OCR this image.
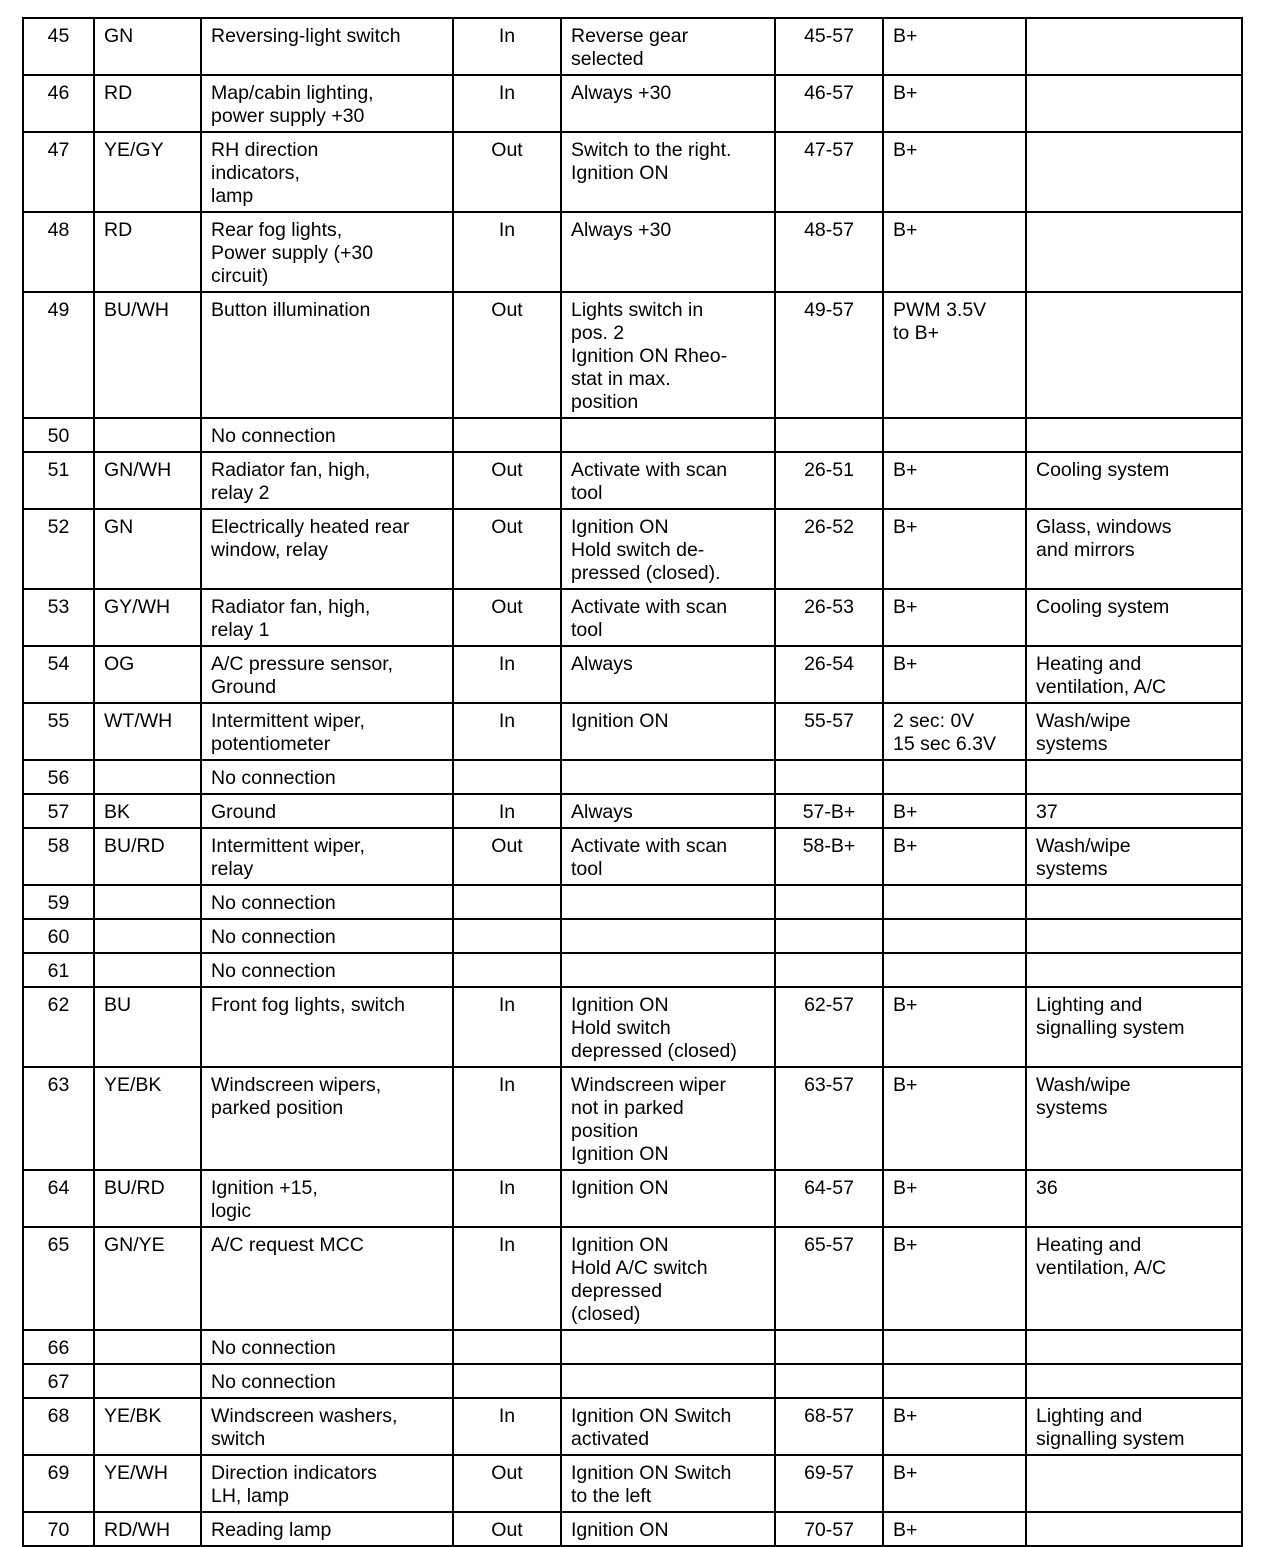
45	GN	Reversing-light switch	In	Reverse gear
selected	45-57	B+	
46	RD	Map/cabin lighting,
power supply +30	In	Always +30	46-57	B+	
47	YE/GY	RH direction
indicators,
lamp	Out	Switch to the right.
Ignition ON	47-57	B+	
48	RD	Rear fog lights,
Power supply (+30
circuit)	In	Always +30	48-57	B+	
49	BU/WH	Button illumination	Out	Lights switch in
pos. 2
Ignition ON Rheo-
stat in max.
position	49-57	PWM 3.5V
to B+	
50		No connection					
51	GN/WH	Radiator fan, high,
relay 2	Out	Activate with scan
tool	26-51	B+	Cooling system
52	GN	Electrically heated rear
window, relay	Out	Ignition ON
Hold switch de-
pressed (closed).	26-52	B+	Glass, windows
and mirrors
53	GY/WH	Radiator fan, high,
relay 1	Out	Activate with scan
tool	26-53	B+	Cooling system
54	OG	A/C pressure sensor,
Ground	In	Always	26-54	B+	Heating and
ventilation, A/C
55	WT/WH	Intermittent wiper,
potentiometer	In	Ignition ON	55-57	2 sec: 0V
15 sec 6.3V	Wash/wipe
systems
56		No connection					
57	BK	Ground	In	Always	57-B+	B+	37
58	BU/RD	Intermittent wiper,
relay	Out	Activate with scan
tool	58-B+	B+	Wash/wipe
systems
59		No connection					
60		No connection					
61		No connection					
62	BU	Front fog lights, switch	In	Ignition ON
Hold switch
depressed (closed)	62-57	B+	Lighting and
signalling system
63	YE/BK	Windscreen wipers,
parked position	In	Windscreen wiper
not in parked
position
Ignition ON	63-57	B+	Wash/wipe
systems
64	BU/RD	Ignition +15,
logic	In	Ignition ON	64-57	B+	36
65	GN/YE	A/C request MCC	In	Ignition ON
Hold A/C switch
depressed
(closed)	65-57	B+	Heating and
ventilation, A/C
66		No connection					
67		No connection					
68	YE/BK	Windscreen washers,
switch	In	Ignition ON Switch
activated	68-57	B+	Lighting and
signalling system
69	YE/WH	Direction indicators
LH, lamp	Out	Ignition ON Switch
to the left	69-57	B+	
70	RD/WH	Reading lamp	Out	Ignition ON	70-57	B+	
